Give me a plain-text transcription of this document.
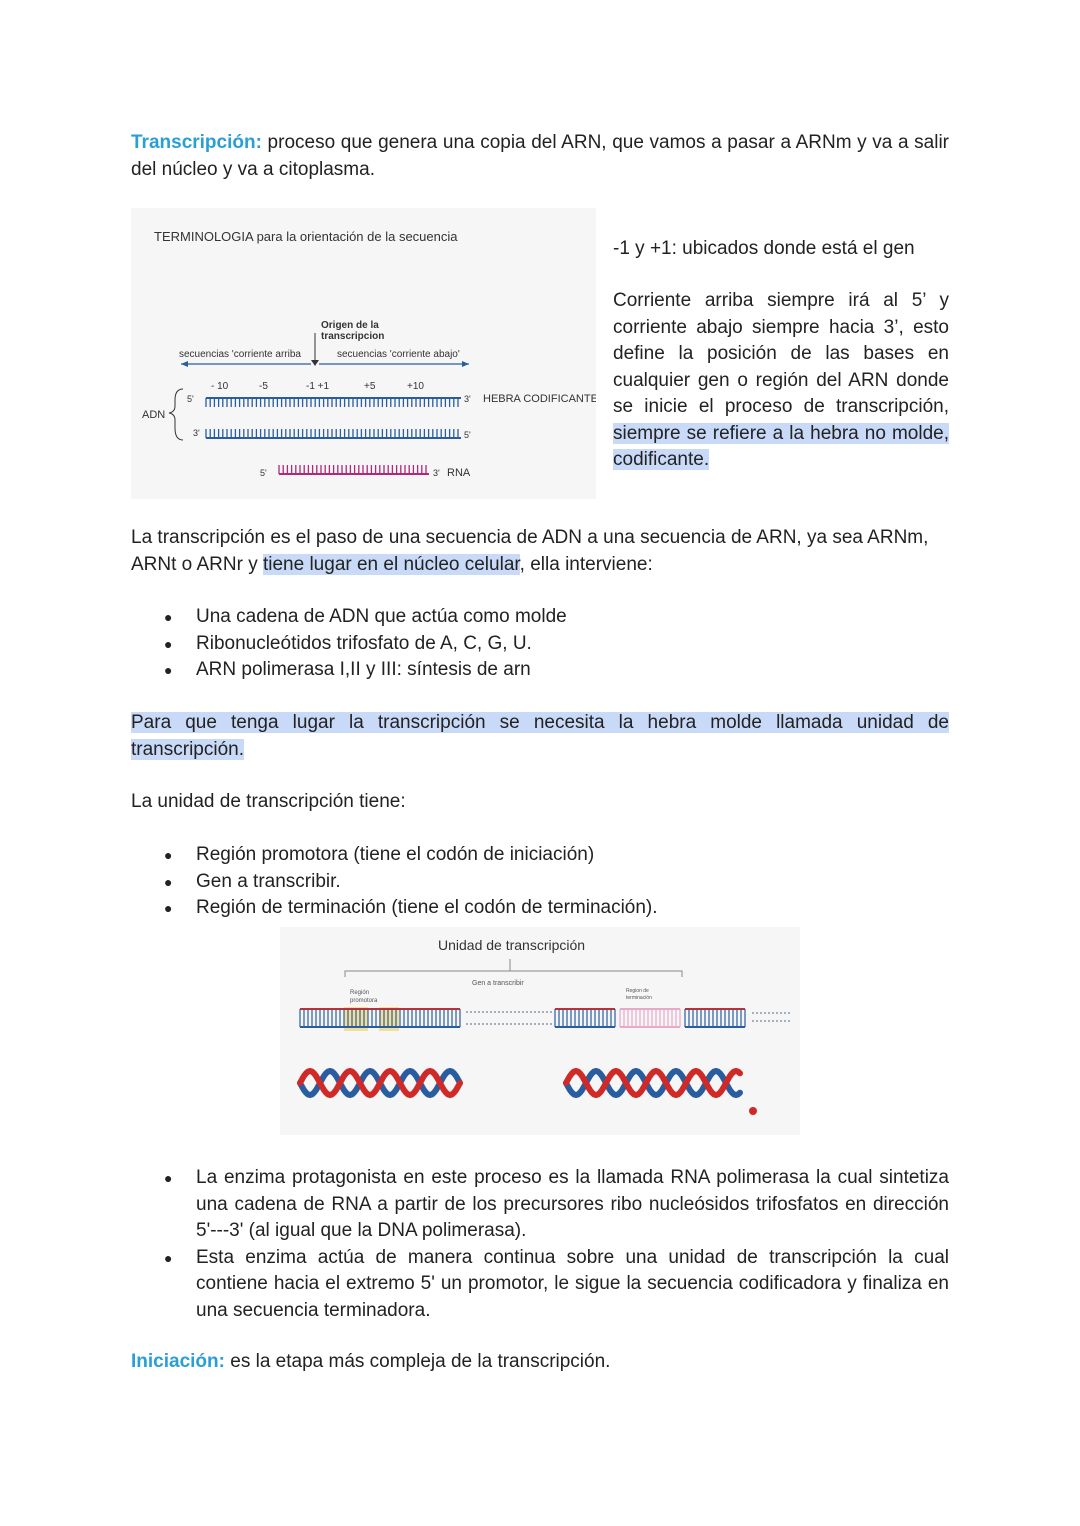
Transcripción: proceso que genera una copia del ARN, que vamos a pasar a ARNm y va a salir del núcleo y va a citoplasma.

TERMINOLOGIA para la orientación de la secuencia
Origen de la
transcripcion
secuencias 'corriente arriba	secuencias 'corriente abajo'
- 10	-5	-1 +1	+5	+10
ADN
5'	3'
3'	5'
HEBRA CODIFICANTE
5'	3' RNA
-1 y +1: ubicados donde está el gen
Corriente arriba siempre irá al 5’ y corriente abajo siempre hacia 3’, esto define la posición de las bases en cualquier gen o región del ARN donde se inicie el proceso de transcripción, siempre se refiere a la hebra no molde, codificante.

La transcripción es el paso de una secuencia de ADN a una secuencia de ARN, ya sea ARNm, ARNt o ARNr y tiene lugar en el núcleo celular, ella interviene:

● Una cadena de ADN que actúa como molde
● Ribonucleótidos trifosfato de A, C, G, U.
● ARN polimerasa I,II y III: síntesis de arn

Para que tenga lugar la transcripción se necesita la hebra molde llamada unidad de transcripción.

La unidad de transcripción tiene:

● Región promotora (tiene el codón de iniciación)
● Gen a transcribir.
● Región de terminación (tiene el codón de terminación).
Unidad de transcripción
Gen a transcribir
Región
promotora
Region de
terminación
● La enzima protagonista en este proceso es la llamada RNA polimerasa la cual sintetiza una cadena de RNA a partir de los precursores ribo nucleósidos trifosfatos en dirección 5'---3' (al igual que la DNA polimerasa).
● Esta enzima actúa de manera continua sobre una unidad de transcripción la cual contiene hacia el extremo 5' un promotor, le sigue la secuencia codificadora y finaliza en una secuencia terminadora.

Iniciación: es la etapa más compleja de la transcripción.
